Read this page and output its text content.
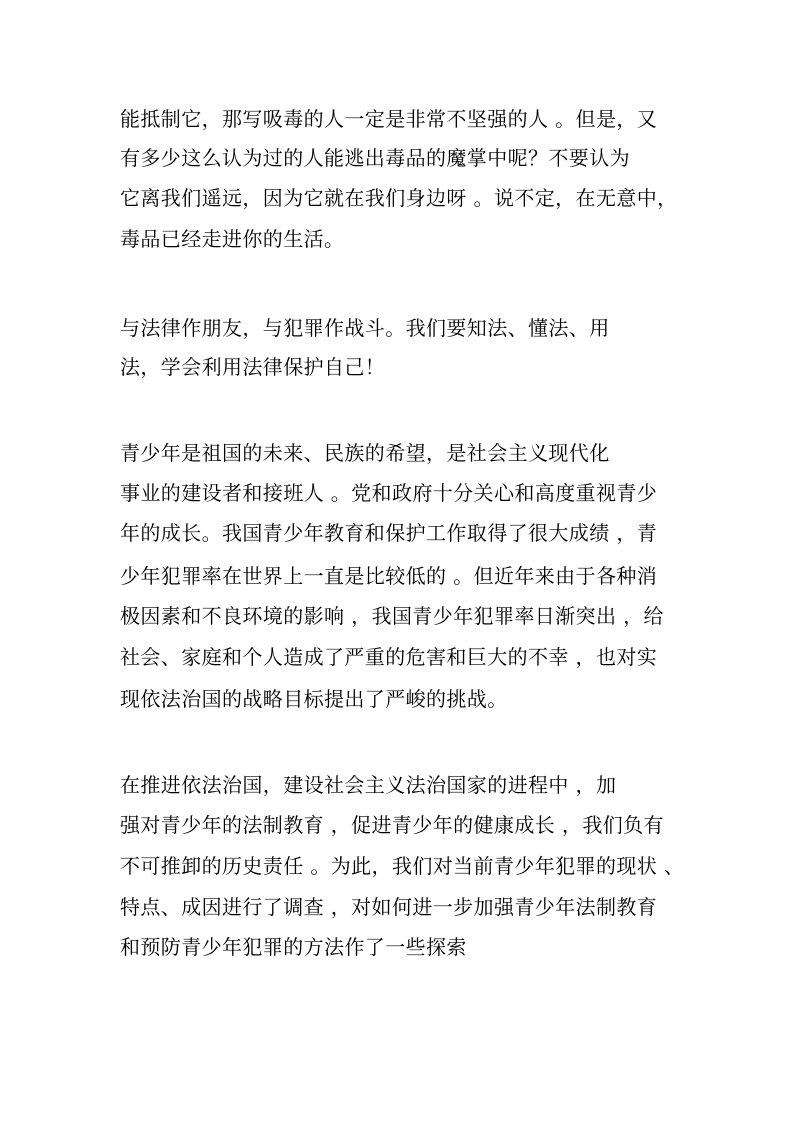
能抵制它，那写吸毒的人一定是非常不坚强的人 。但是，又
有多少这么认为过的人能逃出毒品的魔掌中呢？不要认为
它离我们遥远，因为它就在我们身边呀 。说不定，在无意中，
毒品已经走进你的生活。
与法律作朋友，与犯罪作战斗。我们要知法、懂法、用
法，学会利用法律保护自己！
青少年是祖国的未来、民族的希望，是社会主义现代化
事业的建设者和接班人 。党和政府十分关心和高度重视青少
年的成长。我国青少年教育和保护工作取得了很大成绩 ，青
少年犯罪率在世界上一直是比较低的 。但近年来由于各种消
极因素和不良环境的影响 ，我国青少年犯罪率日渐突出 ，给
社会、家庭和个人造成了严重的危害和巨大的不幸 ，也对实
现依法治国的战略目标提出了严峻的挑战。
在推进依法治国，建设社会主义法治国家的进程中 ，加
强对青少年的法制教育 ，促进青少年的健康成长 ，我们负有
不可推卸的历史责任 。为此，我们对当前青少年犯罪的现状 、
特点、成因进行了调查 ，对如何进一步加强青少年法制教育
和预防青少年犯罪的方法作了一些探索
